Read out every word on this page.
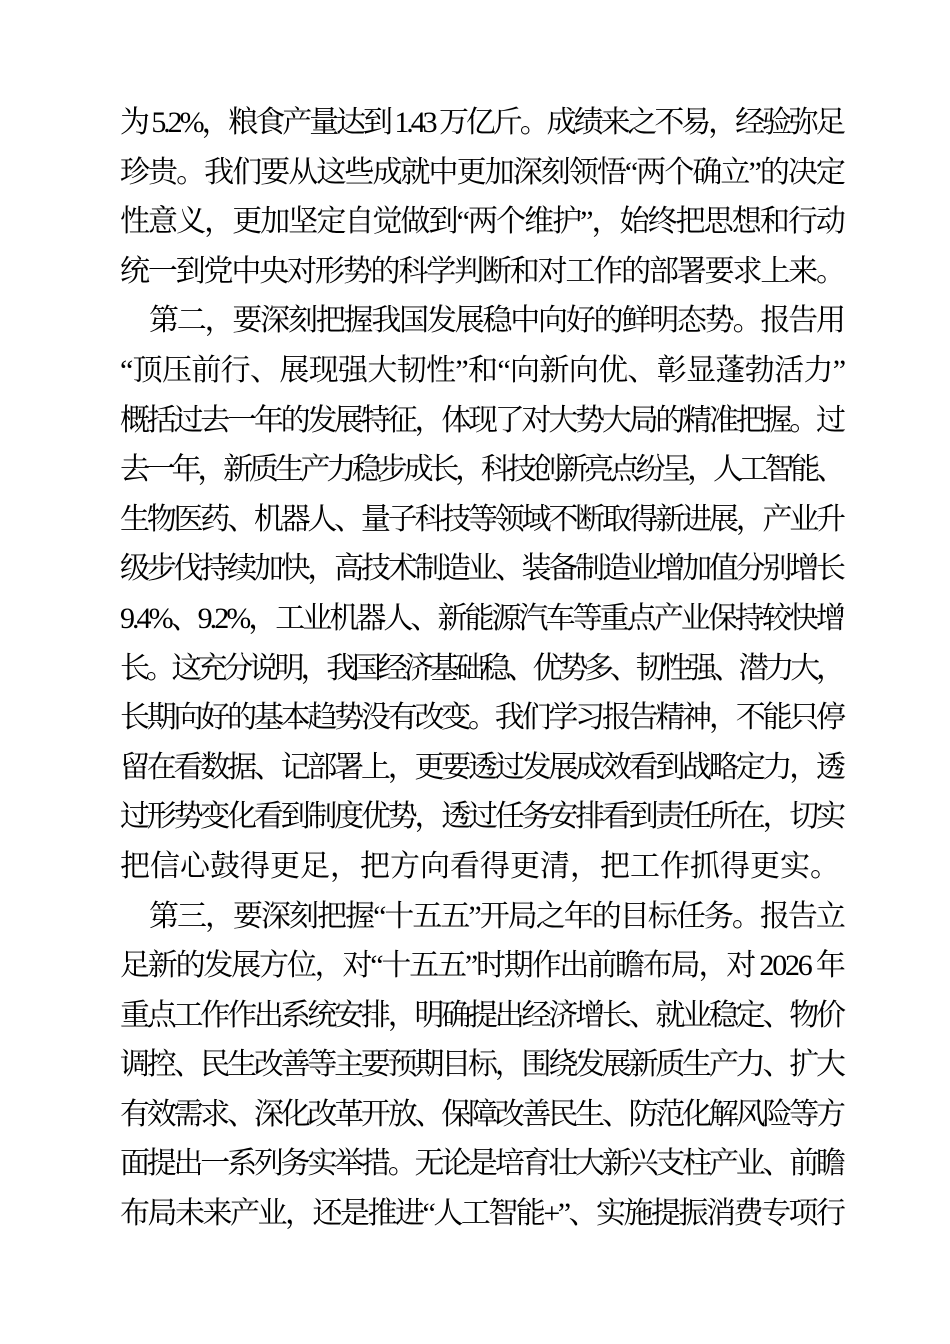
为 5.2%，粮食产量达到 1.43 万亿斤。成绩来之不易，经验弥足
珍贵。我们要从这些成就中更加深刻领悟“两个确立”的决定
性意义，更加坚定自觉做到“两个维护”，始终把思想和行动
统一到党中央对形势的科学判断和对工作的部署要求上来。
第二，要深刻把握我国发展稳中向好的鲜明态势。报告用
“顶压前行、展现强大韧性”和“向新向优、彰显蓬勃活力”
概括过去一年的发展特征，体现了对大势大局的精准把握。过
去一年，新质生产力稳步成长，科技创新亮点纷呈，人工智能、
生物医药、机器人、量子科技等领域不断取得新进展，产业升
级步伐持续加快，高技术制造业、装备制造业增加值分别增长
9.4%、9.2%，工业机器人、新能源汽车等重点产业保持较快增
长。这充分说明，我国经济基础稳、优势多、韧性强、潜力大，
长期向好的基本趋势没有改变。我们学习报告精神，不能只停
留在看数据、记部署上，更要透过发展成效看到战略定力，透
过形势变化看到制度优势，透过任务安排看到责任所在，切实
把信心鼓得更足，把方向看得更清，把工作抓得更实。
第三，要深刻把握“十五五”开局之年的目标任务。报告立
足新的发展方位，对“十五五”时期作出前瞻布局，对 2026 年
重点工作作出系统安排，明确提出经济增长、就业稳定、物价
调控、民生改善等主要预期目标，围绕发展新质生产力、扩大
有效需求、深化改革开放、保障改善民生、防范化解风险等方
面提出一系列务实举措。无论是培育壮大新兴支柱产业、前瞻
布局未来产业，还是推进“人工智能+”、实施提振消费专项行
